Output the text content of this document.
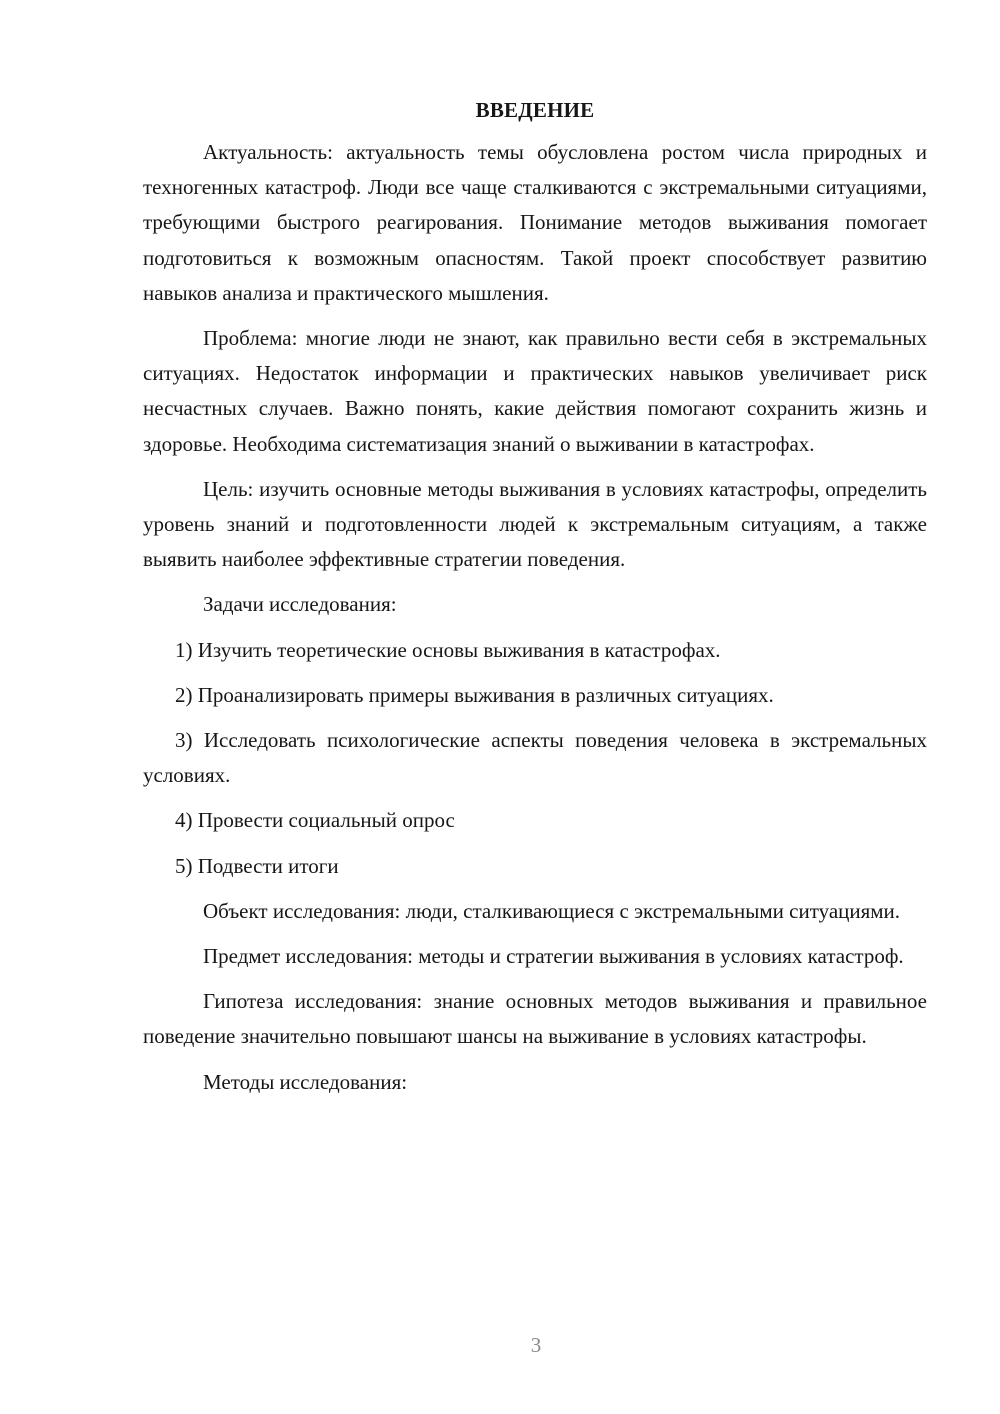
ВВЕДЕНИЕ

Актуальность: актуальность темы обусловлена ростом числа природных и техногенных катастроф. Люди все чаще сталкиваются с экстремальными ситуациями, требующими быстрого реагирования. Понимание методов выживания помогает подготовиться к возможным опасностям. Такой проект способствует развитию навыков анализа и практического мышления.

Проблема: многие люди не знают, как правильно вести себя в экстремальных ситуациях. Недостаток информации и практических навыков увеличивает риск несчастных случаев. Важно понять, какие действия помогают сохранить жизнь и здоровье. Необходима систематизация знаний о выживании в катастрофах.

Цель: изучить основные методы выживания в условиях катастрофы, определить уровень знаний и подготовленности людей к экстремальным ситуациям, а также выявить наиболее эффективные стратегии поведения.

Задачи исследования:

1) Изучить теоретические основы выживания в катастрофах.

2) Проанализировать примеры выживания в различных ситуациях.

3) Исследовать психологические аспекты поведения человека в экстремальных условиях.

4) Провести социальный опрос

5) Подвести итоги

Объект исследования: люди, сталкивающиеся с экстремальными ситуациями.

Предмет исследования: методы и стратегии выживания в условиях катастроф.

Гипотеза исследования: знание основных методов выживания и правильное поведение значительно повышают шансы на выживание в условиях катастрофы.

Методы исследования:

3
